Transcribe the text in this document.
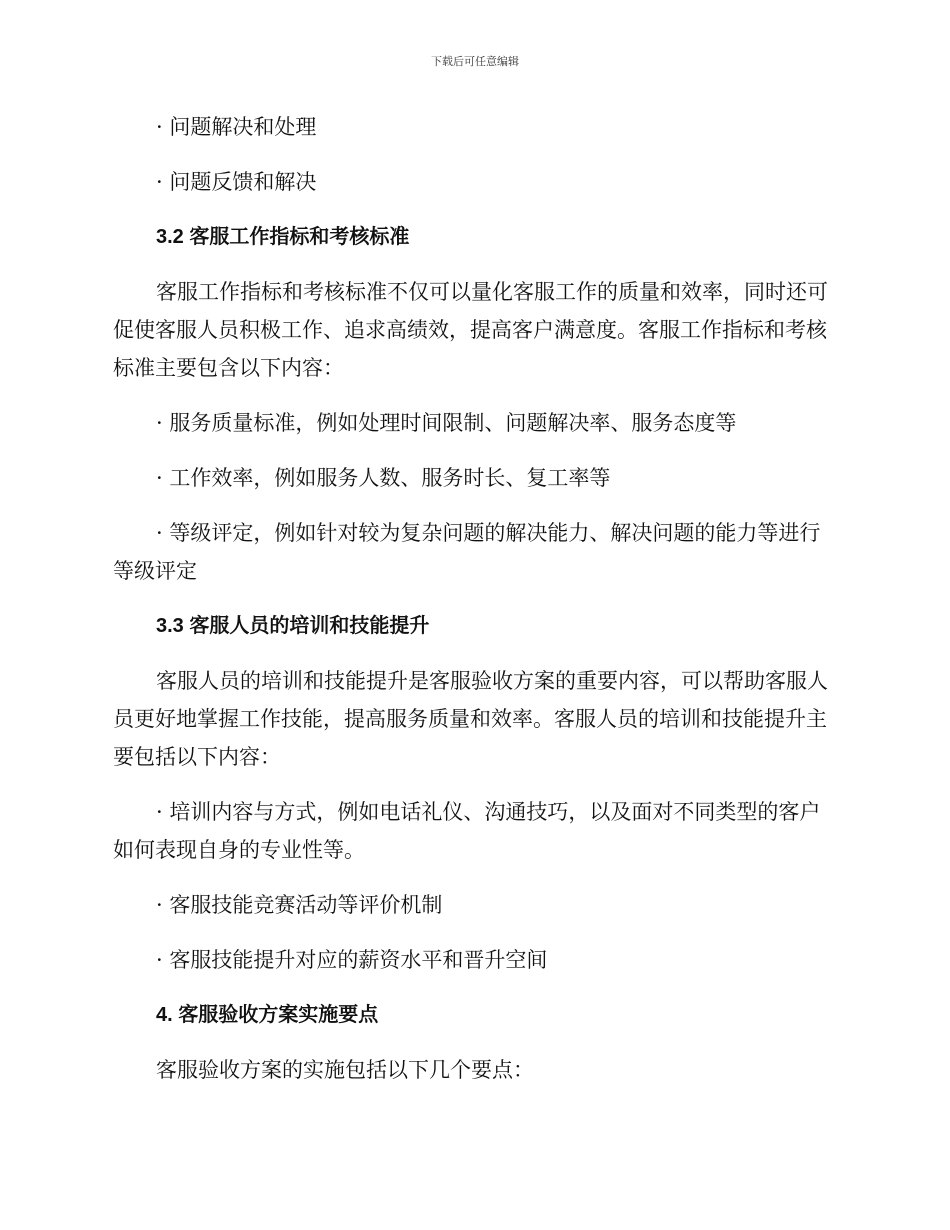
下载后可任意编辑

· 问题解决和处理

· 问题反馈和解决

3.2 客服工作指标和考核标准

客服工作指标和考核标准不仅可以量化客服工作的质量和效率，同时还可促使客服人员积极工作、追求高绩效，提高客户满意度。客服工作指标和考核标准主要包含以下内容：

· 服务质量标准，例如处理时间限制、问题解决率、服务态度等

· 工作效率，例如服务人数、服务时长、复工率等

· 等级评定，例如针对较为复杂问题的解决能力、解决问题的能力等进行等级评定

3.3 客服人员的培训和技能提升

客服人员的培训和技能提升是客服验收方案的重要内容，可以帮助客服人员更好地掌握工作技能，提高服务质量和效率。客服人员的培训和技能提升主要包括以下内容：

· 培训内容与方式，例如电话礼仪、沟通技巧，以及面对不同类型的客户如何表现自身的专业性等。

· 客服技能竞赛活动等评价机制

· 客服技能提升对应的薪资水平和晋升空间

4. 客服验收方案实施要点

客服验收方案的实施包括以下几个要点：
